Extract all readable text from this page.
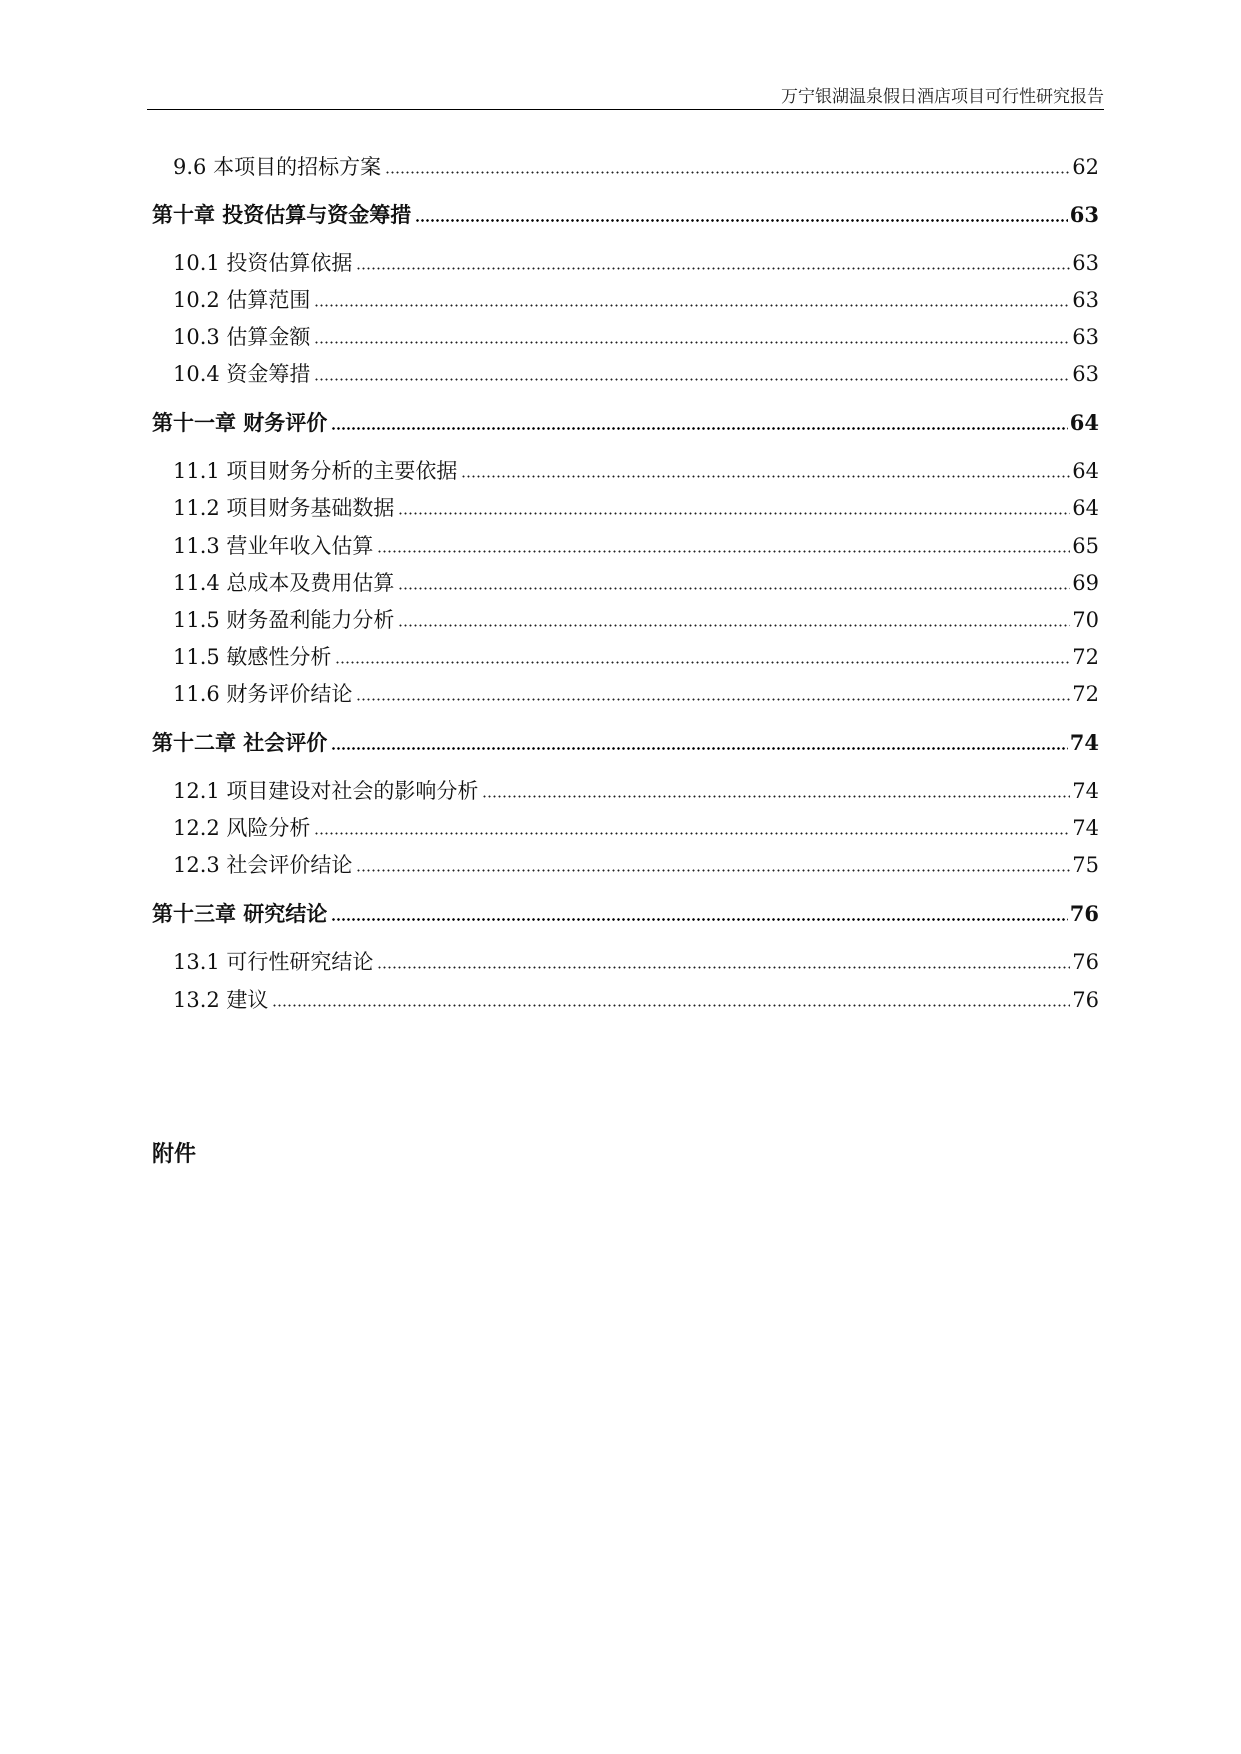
万宁银湖温泉假日酒店项目可行性研究报告
9.6 本项目的招标方案	62
第十章 投资估算与资金筹措	63
10.1 投资估算依据	63
10.2 估算范围	63
10.3 估算金额	63
10.4 资金筹措	63
第十一章 财务评价	64
11.1 项目财务分析的主要依据	64
11.2 项目财务基础数据	64
11.3 营业年收入估算	65
11.4 总成本及费用估算	69
11.5 财务盈利能力分析	70
11.5 敏感性分析	72
11.6 财务评价结论	72
第十二章 社会评价	74
12.1 项目建设对社会的影响分析	74
12.2 风险分析	74
12.3 社会评价结论	75
第十三章 研究结论	76
13.1 可行性研究结论	76
13.2 建议	76
附件
